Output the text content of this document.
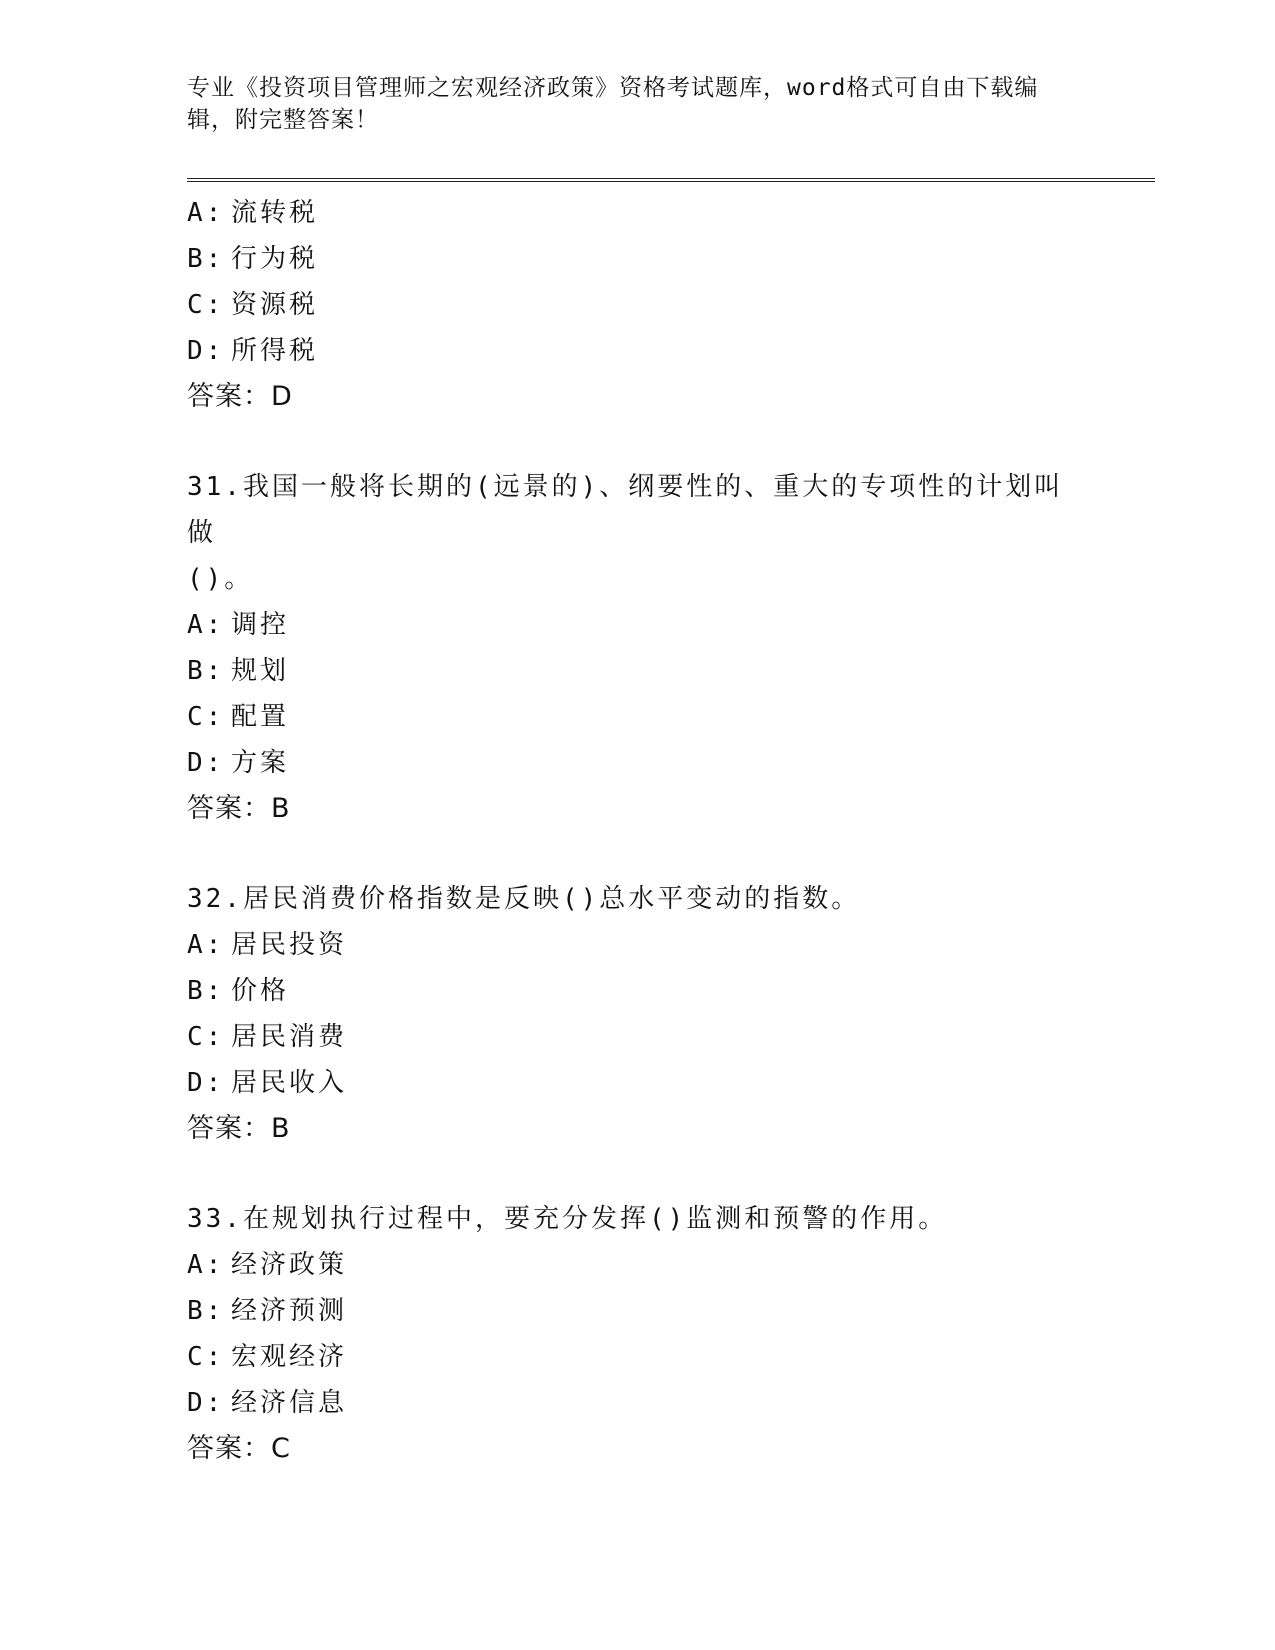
专业《投资项目管理师之宏观经济政策》资格考试题库，word格式可自由下载编
辑，附完整答案！
A: 流转税
B: 行为税
C: 资源税
D: 所得税
答案：D
31.我国一般将长期的(远景的)、纲要性的、重大的专项性的计划叫做
()。
A: 调控
B: 规划
C: 配置
D: 方案
答案：B
32.居民消费价格指数是反映()总水平变动的指数。
A: 居民投资
B: 价格
C: 居民消费
D: 居民收入
答案：B
33.在规划执行过程中，要充分发挥()监测和预警的作用。
A: 经济政策
B: 经济预测
C: 宏观经济
D: 经济信息
答案：C
